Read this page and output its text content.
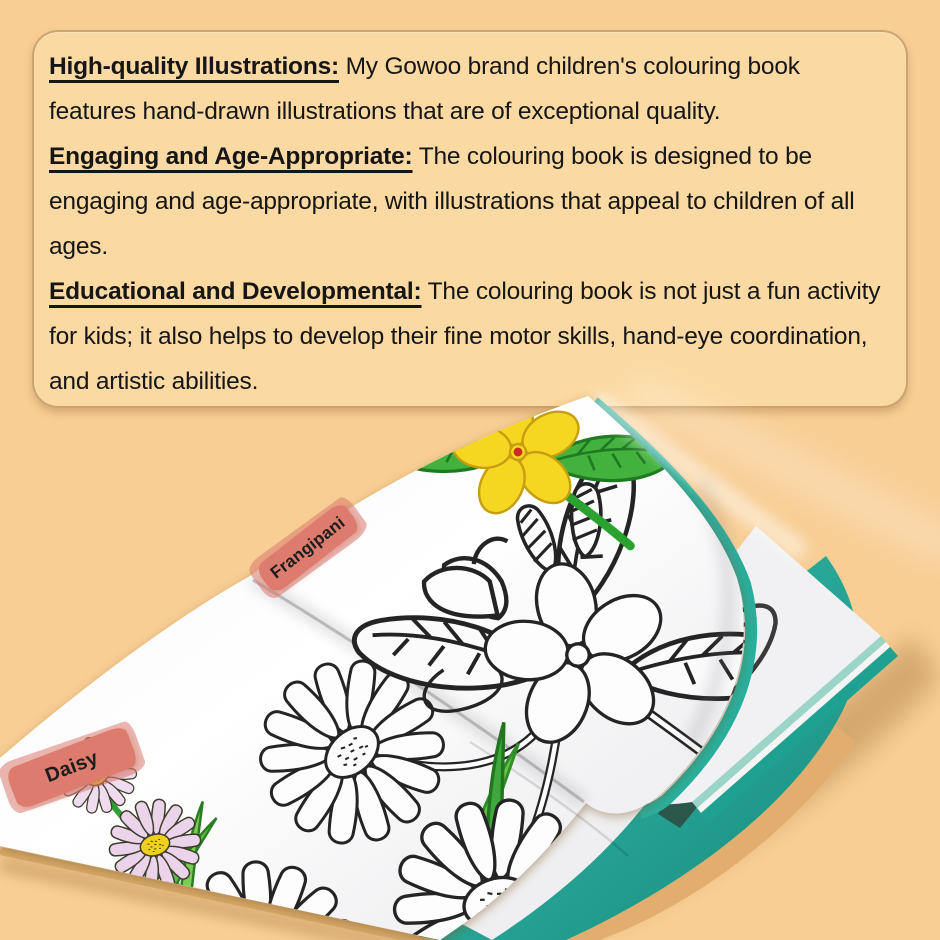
High-quality Illustrations: My Gowoo brand children's colouring book features hand-drawn illustrations that are of exceptional quality.

Engaging and Age-Appropriate: The colouring book is designed to be engaging and age-appropriate, with illustrations that appeal to children of all ages.

Educational and Developmental: The colouring book is not just a fun activity for kids; it also helps to develop their fine motor skills, hand-eye coordination, and artistic abilities.

Frangipani
Daisy
